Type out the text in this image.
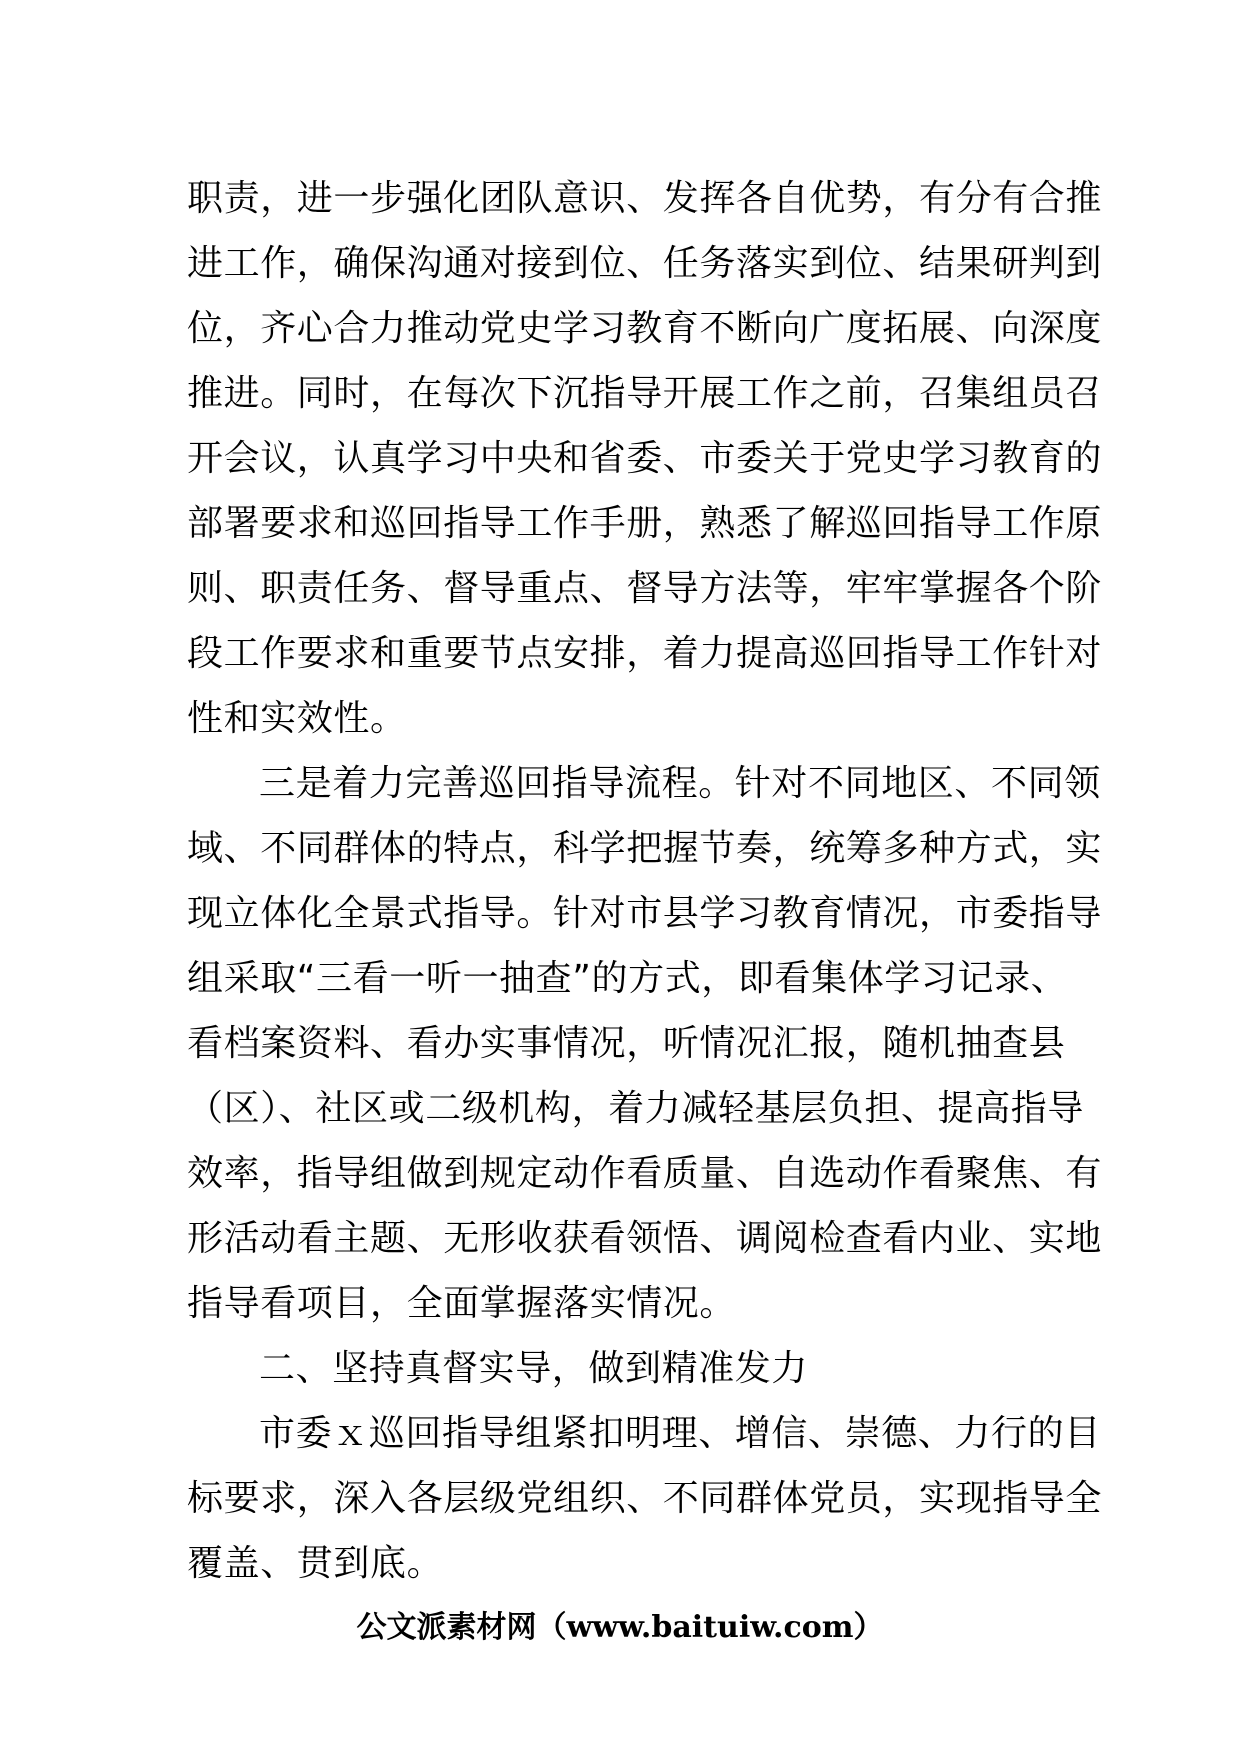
职责，进一步强化团队意识、发挥各自优势，有分有合推
进工作，确保沟通对接到位、任务落实到位、结果研判到
位，齐心合力推动党史学习教育不断向广度拓展、向深度
推进。同时，在每次下沉指导开展工作之前，召集组员召
开会议，认真学习中央和省委、市委关于党史学习教育的
部署要求和巡回指导工作手册，熟悉了解巡回指导工作原
则、职责任务、督导重点、督导方法等，牢牢掌握各个阶
段工作要求和重要节点安排，着力提高巡回指导工作针对
性和实效性。
三是着力完善巡回指导流程。针对不同地区、不同领
域、不同群体的特点，科学把握节奏，统筹多种方式，实
现立体化全景式指导。针对市县学习教育情况，市委指导
组采取“三看一听一抽查”的方式，即看集体学习记录、
看档案资料、看办实事情况，听情况汇报，随机抽查县
（区）、社区或二级机构，着力减轻基层负担、提高指导
效率，指导组做到规定动作看质量、自选动作看聚焦、有
形活动看主题、无形收获看领悟、调阅检查看内业、实地
指导看项目，全面掌握落实情况。
二、坚持真督实导，做到精准发力
市委ｘ巡回指导组紧扣明理、增信、崇德、力行的目
标要求，深入各层级党组织、不同群体党员，实现指导全
覆盖、贯到底。
公文派素材网（www.baituiw.com）
